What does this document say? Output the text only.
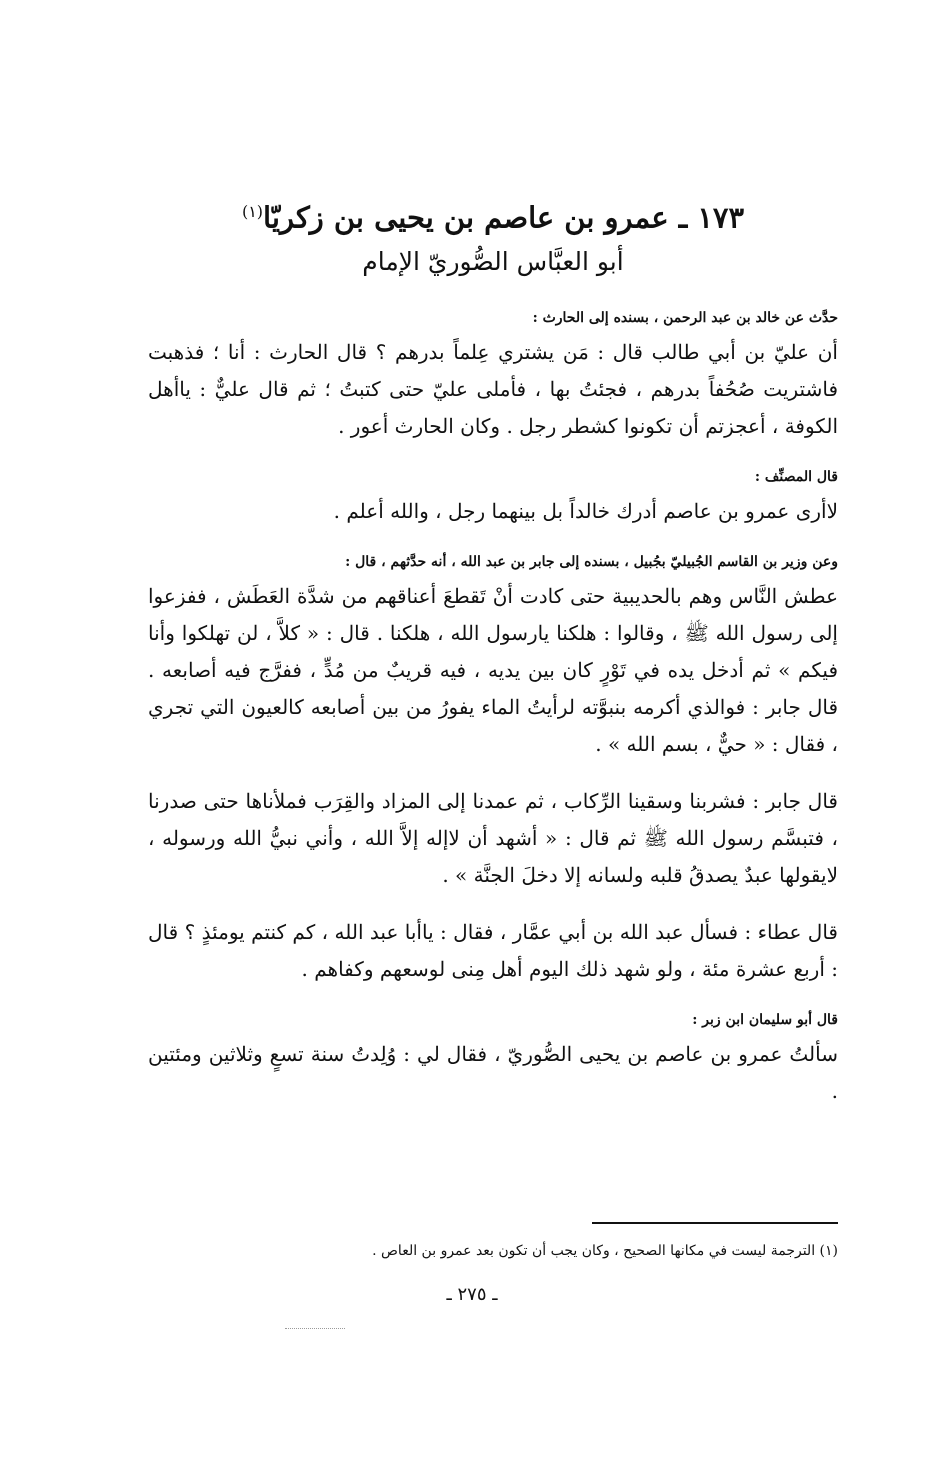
١٧٣ ـ عمرو بن عاصم بن يحيى بن زكريّا$^{(١)}$
أبو العبَّاس الصُّوريّ الإمام

حدَّث عن خالد بن عبد الرحمن ، بسنده إلى الحارث :

أن عليّ بن أبي طالب قال : مَن يشتري عِلماً بدرهم ؟ قال الحارث : أنا ؛ فذهبت فاشتريت صُحُفاً بدرهم ، فجئتُ بها ، فأملى عليّ حتى كتبتُ ؛ ثم قال عليٌّ : ياأهل الكوفة ، أعجزتم أن تكونوا كشطر رجل . وكان الحارث أعور .

قال المصنِّف :

لاأرى عمرو بن عاصم أدرك خالداً بل بينهما رجل ، والله أعلم .

وعن وزير بن القاسم الجُبيليّ بجُبيل ، بسنده إلى جابر بن عبد الله ، أنه حدَّثهم ، قال :

عطش النَّاس وهم بالحديبية حتى كادت أنْ تَقطعَ أعناقهم من شدَّة العَطَش ، ففزعوا إلى رسول الله ﷺ ، وقالوا : هلكنا يارسول الله ، هلكنا . قال : « كلاَّ ، لن تهلكوا وأنا فيكم » ثم أدخل يده في تَوْرٍ كان بين يديه ، فيه قريبٌ من مُدٍّ ، ففرَّج فيه أصابعه . قال جابر : فوالذي أكرمه بنبوَّته لرأيتُ الماء يفورُ من بين أصابعه كالعيون التي تجري ، فقال : « حيٌّ ، بسم الله » .

قال جابر : فشربنا وسقينا الرِّكاب ، ثم عمدنا إلى المزاد والقِرَب فملأناها حتى صدرنا ، فتبسَّم رسول الله ﷺ ثم قال : « أشهد أن لاإله إلاَّ الله ، وأني نبيُّ الله ورسوله ، لايقولها عبدٌ يصدقُ قلبه ولسانه إلا دخلَ الجنَّة » .

قال عطاء : فسأل عبد الله بن أبي عمَّار ، فقال : ياأبا عبد الله ، كم كنتم يومئذٍ ؟ قال : أربع عشرة مئة ، ولو شهد ذلك اليوم أهل مِنى لوسعهم وكفاهم .

قال أبو سليمان ابن زبر :

سألتُ عمرو بن عاصم بن يحيى الصُّوريّ ، فقال لي : وُلِدتُ سنة تسعٍ وثلاثين ومئتين .

(١) الترجمة ليست في مكانها الصحيح ، وكان يجب أن تكون بعد عمرو بن العاص .

ـ ٢٧٥ ـ
